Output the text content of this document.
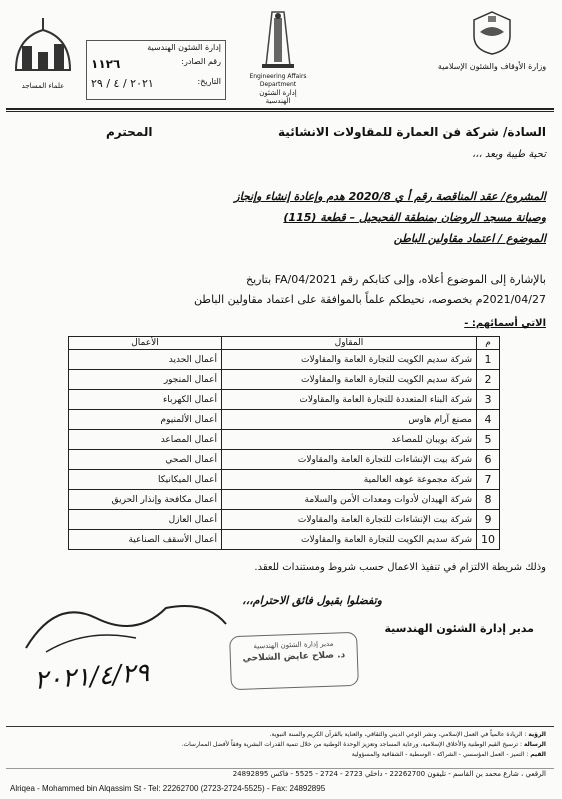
وزارة الأوقاف والشئون الإسلامية
Engineering Affairs Department
إدارة الشئون الهندسية
إدارة الشئون الهندسية
رقم الصادر:
١١٢٦
التاريخ:
٢٠٢١ / ٤ / ٢٩
علماء المساجد
السادة/ شركة فن العمارة للمقاولات الانشائية
المحترم
تحية طيبة وبعد ،،،
المشروع/ عقد المناقصة رقم أ ي 2020/8 هدم وإعادة إنشاء وإنجاز
وصيانة مسجد الروضان بمنطقة الفحيحيل – قطعة (115)
الموضوع / اعتماد مقاولين الباطن
بالإشارة إلى الموضوع أعلاه، وإلى كتابكم رقم FA/04/2021 بتاريخ
2021/04/27م بخصوصه، نحيطكم علماً بالموافقة على اعتماد مقاولين الباطن
الاتي أسمائهم: -
م	المقاول	الأعمال
1	شركة سديم الكويت للتجارة العامة والمقاولات	أعمال الحديد
2	شركة سديم الكويت للتجارة العامة والمقاولات	أعمال المنجور
3	شركة البناء المتعددة للتجارة العامة والمقاولات	أعمال الكهرباء
4	مصنع آرام هاوس	أعمال الألمنيوم
5	شركة بويبان للمصاعد	أعمال المصاعد
6	شركة بيت الإنشاءات للتجارة العامة والمقاولات	أعمال الصحي
7	شركة مجموعة عوهه العالمية	أعمال الميكانيكا
8	شركة الهيدان لأدوات ومعدات الأمن والسلامة	أعمال مكافحة وإنذار الحريق
9	شركة بيت الإنشاءات للتجارة العامة والمقاولات	أعمال العازل
10	شركة سديم الكويت للتجارة العامة والمقاولات	أعمال الأسقف الصناعية
وذلك شريطة الالتزام في تنفيذ الاعمال حسب شروط ومستندات للعقد.
وتفضلوا بقبول فائق الاحترام،،،
مدير إدارة الشئون الهندسية
مدير إدارة الشئون الهندسية
د. صلاح عايض الشلاحي
٢٠٢١/٤/٢٩
الرؤية : الريادة عالمياً في العمل الإسلامي، ونشر الوعي الديني والثقافي، والعناية بالقرآن الكريم والسنة النبوية.
الرسالة : ترسيخ القيم الوطنية والأخلاق الإسلامية، ورعاية المساجد وتعزيز الوحدة الوطنية من خلال تنمية القدرات البشرية وفقاً لأفضل الممارسات.
القيم : التميز - العمل المؤسسي - الشراكة - الوسطية - الشفافية والمسؤولية
الرقعي ، شارع محمد بن القاسم - تليفون 22262700 - داخلي 2723 - 2724 - 5525 - فاكس 24892895
Alriqea - Mohammed bin Alqassim St - Tel: 22262700 (2723-2724-5525) - Fax: 24892895
